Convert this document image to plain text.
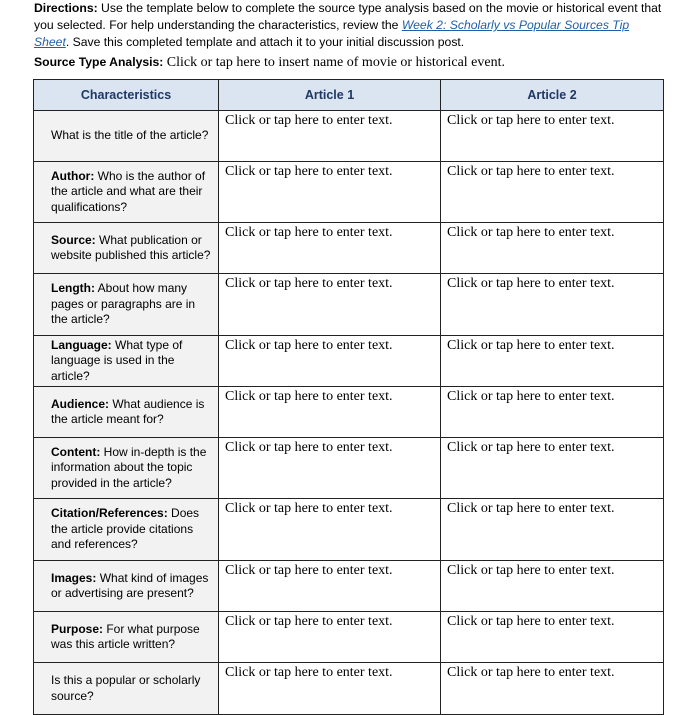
Directions: Use the template below to complete the source type analysis based on the movie or historical event that you selected. For help understanding the characteristics, review the Week 2: Scholarly vs Popular Sources Tip Sheet. Save this completed template and attach it to your initial discussion post.
Source Type Analysis: Click or tap here to insert name of movie or historical event.
Characteristics	Article 1	Article 2
What is the title of the article?	Click or tap here to enter text.	Click or tap here to enter text.
Author: Who is the author of the article and what are their qualifications?	Click or tap here to enter text.	Click or tap here to enter text.
Source: What publication or website published this article?	Click or tap here to enter text.	Click or tap here to enter text.
Length: About how many pages or paragraphs are in the article?	Click or tap here to enter text.	Click or tap here to enter text.
Language: What type of language is used in the article?	Click or tap here to enter text.	Click or tap here to enter text.
Audience: What audience is the article meant for?	Click or tap here to enter text.	Click or tap here to enter text.
Content: How in-depth is the information about the topic provided in the article?	Click or tap here to enter text.	Click or tap here to enter text.
Citation/References: Does the article provide citations and references?	Click or tap here to enter text.	Click or tap here to enter text.
Images: What kind of images or advertising are present?	Click or tap here to enter text.	Click or tap here to enter text.
Purpose: For what purpose was this article written?	Click or tap here to enter text.	Click or tap here to enter text.
Is this a popular or scholarly source?	Click or tap here to enter text.	Click or tap here to enter text.
